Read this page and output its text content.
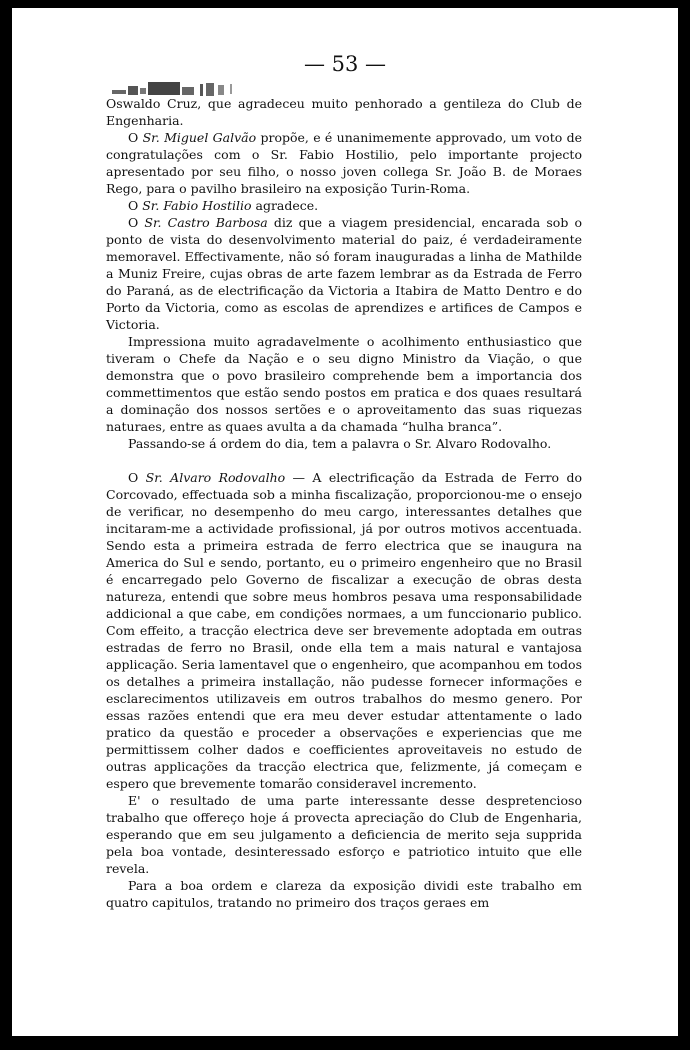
— 53 —

Oswaldo Cruz, que agradeceu muito penhorado a gentileza do Club de Engenharia.

O Sr. Miguel Galvão propõe, e é unanimemente approvado, um voto de congratulações com o Sr. Fabio Hostilio, pelo importante projecto apresentado por seu filho, o nosso joven collega Sr. João B. de Moraes Rego, para o pavilho brasileiro na exposição Turin-Roma.

O Sr. Fabio Hostilio agradece.

O Sr. Castro Barbosa diz que a viagem presidencial, encarada sob o ponto de vista do desenvolvimento material do paiz, é verdadeiramente memoravel. Effectivamente, não só foram inauguradas a linha de Mathilde a Muniz Freire, cujas obras de arte fazem lembrar as da Estrada de Ferro do Paraná, as de electrificação da Victoria a Itabira de Matto Dentro e do Porto da Victoria, como as escolas de aprendizes e artifices de Campos e Victoria.

Impressiona muito agradavelmente o acolhimento enthusiastico que tiveram o Chefe da Nação e o seu digno Ministro da Viação, o que demonstra que o povo brasileiro comprehende bem a importancia dos commettimentos que estão sendo postos em pratica e dos quaes resultará a dominação dos nossos sertões e o aproveitamento das suas riquezas naturaes, entre as quaes avulta a da chamada “hulha branca”.

Passando-se á ordem do dia, tem a palavra o Sr. Alvaro Rodovalho.

O Sr. Alvaro Rodovalho — A electrificação da Estrada de Ferro do Corcovado, effectuada sob a minha fiscalização, proporcionou-me o ensejo de verificar, no desempenho do meu cargo, interessantes detalhes que incitaram-me a actividade profissional, já por outros motivos accentuada. Sendo esta a primeira estrada de ferro electrica que se inaugura na America do Sul e sendo, portanto, eu o primeiro engenheiro que no Brasil é encarregado pelo Governo de fiscalizar a execução de obras desta natureza, entendi que sobre meus hombros pesava uma responsabilidade addicional a que cabe, em condições normaes, a um funccionario publico. Com effeito, a tracção electrica deve ser brevemente adoptada em outras estradas de ferro no Brasil, onde ella tem a mais natural e vantajosa applicação. Seria lamentavel que o engenheiro, que acompanhou em todos os detalhes a primeira installação, não pudesse fornecer informações e esclarecimentos utilizaveis em outros trabalhos do mesmo genero. Por essas razões entendi que era meu dever estudar attentamente o lado pratico da questão e proceder a observações e experiencias que me permittissem colher dados e coefficientes aproveitaveis no estudo de outras applicações da tracção electrica que, felizmente, já começam e espero que brevemente tomarão consideravel incremento.

E' o resultado de uma parte interessante desse despretencioso trabalho que offereço hoje á provecta apreciação do Club de Engenharia, esperando que em seu julgamento a deficiencia de merito seja supprida pela boa vontade, desinteressado esforço e patriotico intuito que elle revela.

Para a boa ordem e clareza da exposição dividi este trabalho em quatro capitulos, tratando no primeiro dos traços geraes em
